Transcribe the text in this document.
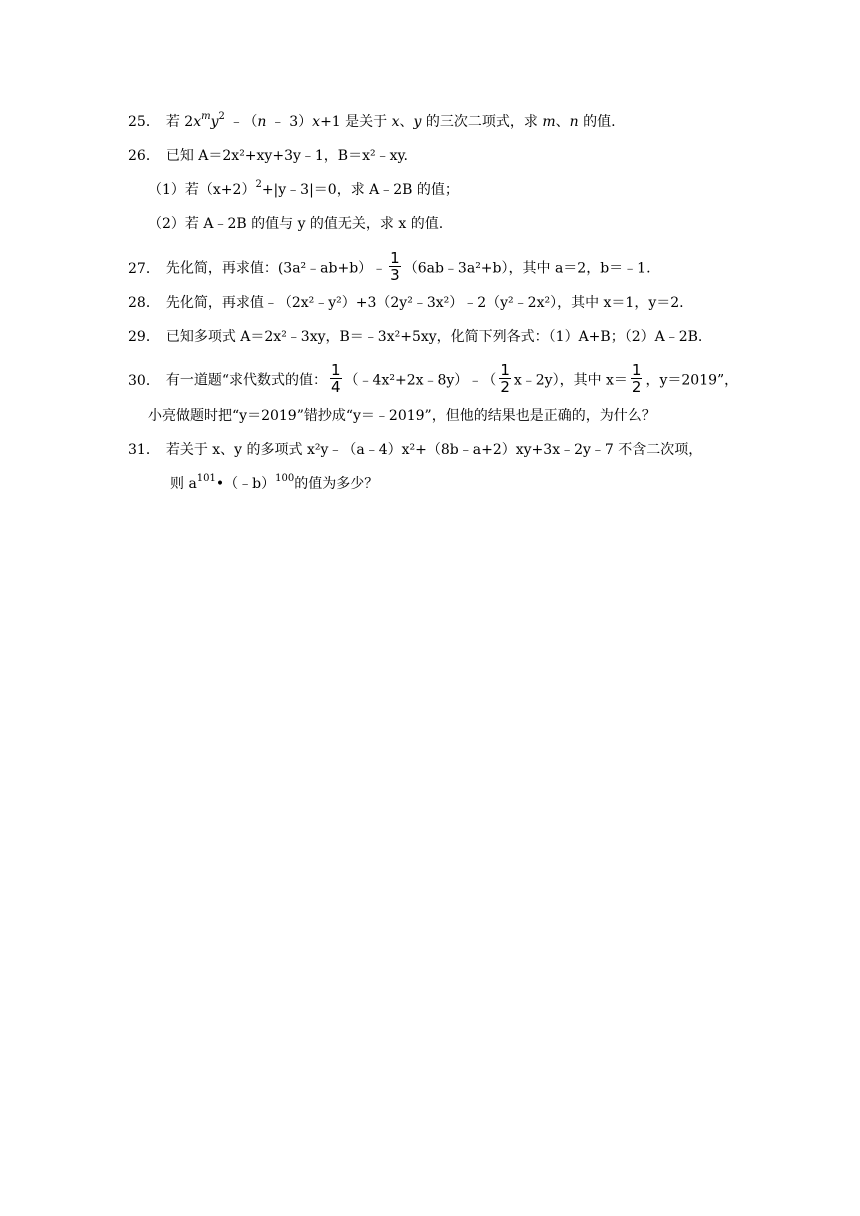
25． 若 $2x^my^2$ ﹣（n ﹣ 3）x+1 是关于 x、y 的三次二项式，求 m、n 的值.
26． 已知 A＝2x²+xy+3y﹣1，B＝x²﹣xy.
（1）若$(x+2)^2+|y﹣3|=0$，求 A﹣2B 的值；
（2）若 A﹣2B 的值与 y 的值无关，求 x 的值.
27． 先化简，再求值：(3a²﹣ab+b）﹣ $\frac{1}{3}$ （6ab﹣3a²+b），其中 a＝2，b＝﹣1.
28． 先化简，再求值﹣（2x²﹣y²）+3（2y²﹣3x²）﹣2（y²﹣2x²），其中 x＝1，y＝2.
29． 已知多项式 A＝2x²﹣3xy，B＝﹣3x²+5xy，化简下列各式：（1）A+B；（2）A﹣2B.
30． 有一道题“求代数式的值： $\frac{1}{4}$ （﹣4x²+2x﹣8y）﹣（ $\frac{1}{2}$ x﹣2y），其中 $x= \frac{1}{2}$ ，y＝2019”，
小亮做题时把“y＝2019”错抄成“y＝﹣2019”，但他的结果也是正确的，为什么？
31． 若关于 x、y 的多项式 x²y﹣（a﹣4）x²+（8b﹣a+2）xy+3x﹣2y﹣7 不含二次项，
则 $a^{101}•(﹣b)^{100}$的值为多少？
